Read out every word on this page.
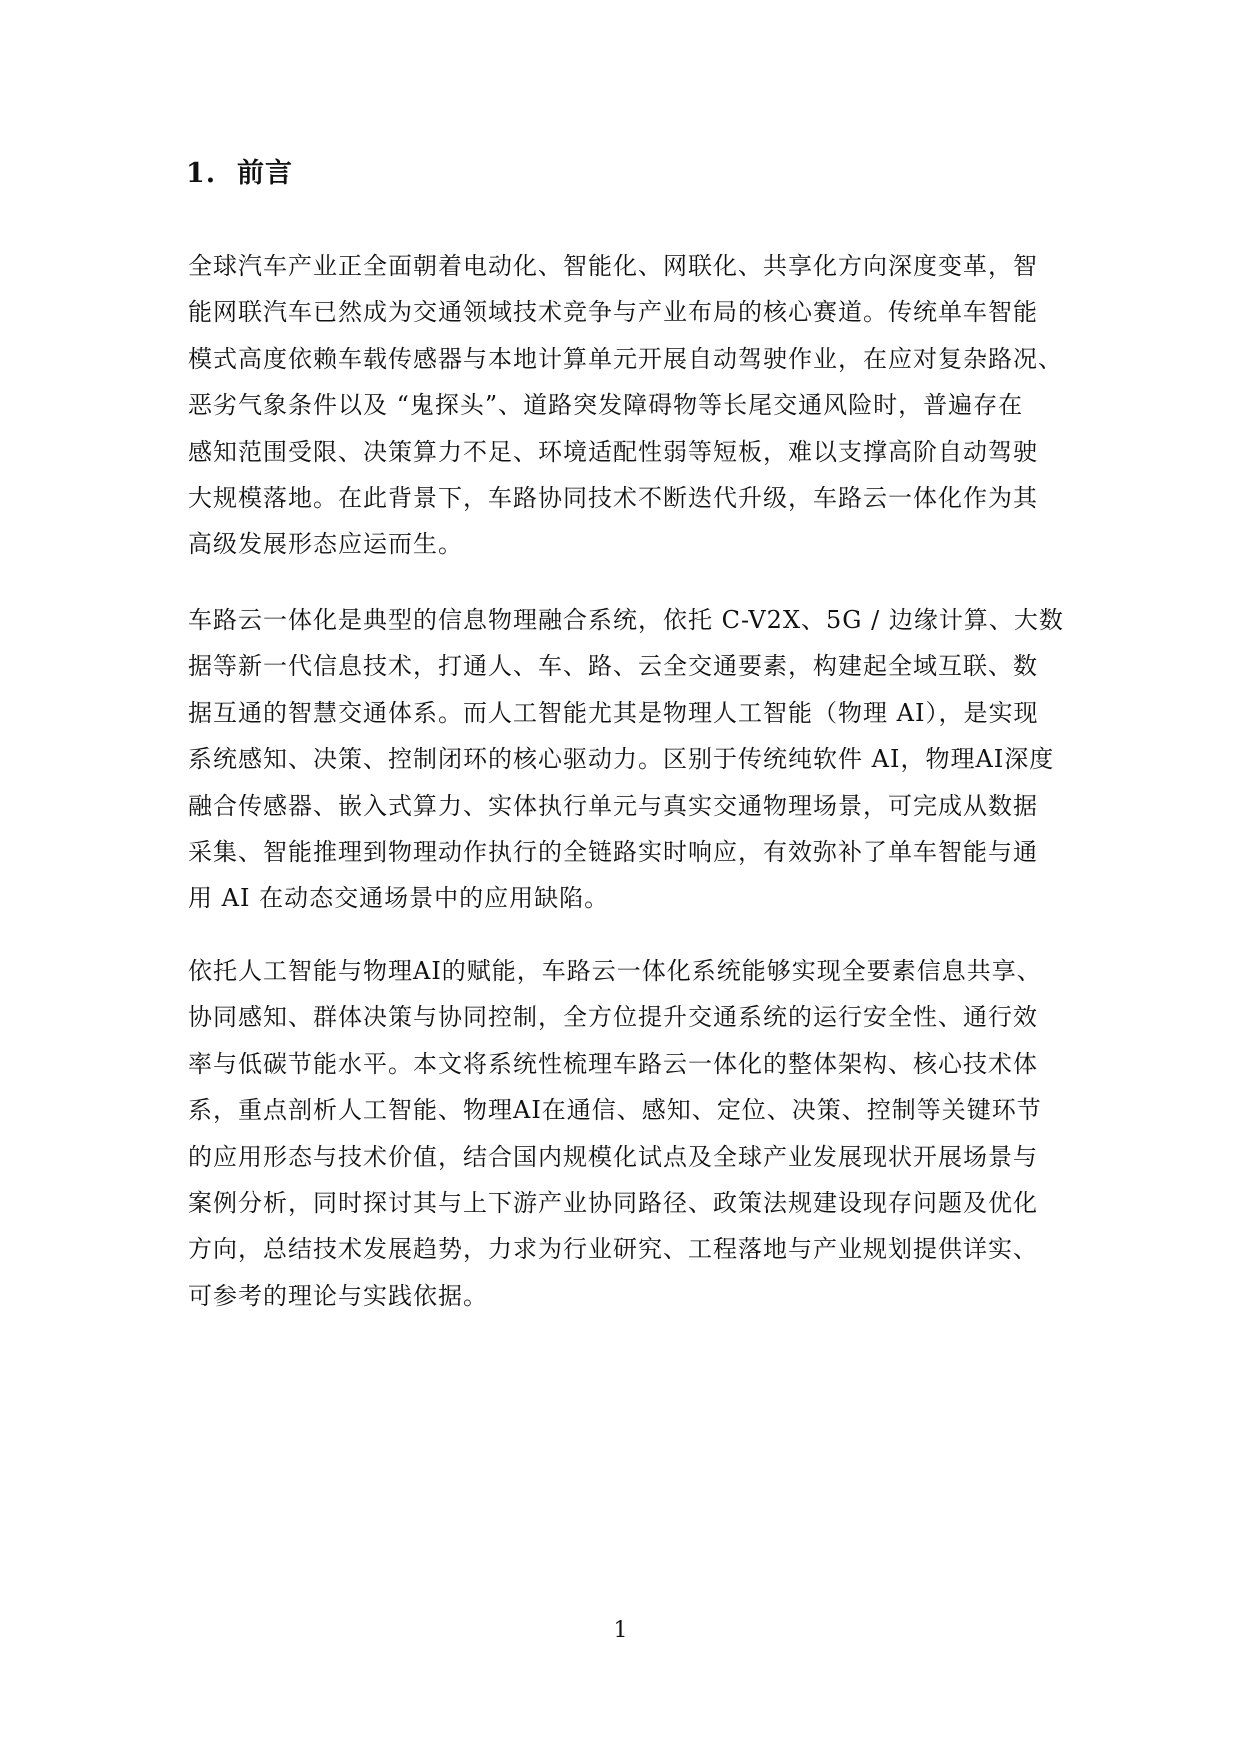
1. 前言

全球汽车产业正全面朝着电动化、智能化、网联化、共享化方向深度变革，智
能网联汽车已然成为交通领域技术竞争与产业布局的核心赛道。传统单车智能
模式高度依赖车载传感器与本地计算单元开展自动驾驶作业，在应对复杂路况、
恶劣气象条件以及 “鬼探头”、道路突发障碍物等长尾交通风险时，普遍存在
感知范围受限、决策算力不足、环境适配性弱等短板，难以支撑高阶自动驾驶
大规模落地。在此背景下，车路协同技术不断迭代升级，车路云一体化作为其
高级发展形态应运而生。

车路云一体化是典型的信息物理融合系统，依托 C-V2X、5G / 边缘计算、大数
据等新一代信息技术，打通人、车、路、云全交通要素，构建起全域互联、数
据互通的智慧交通体系。而人工智能尤其是物理人工智能（物理 AI），是实现
系统感知、决策、控制闭环的核心驱动力。区别于传统纯软件 AI，物理AI深度
融合传感器、嵌入式算力、实体执行单元与真实交通物理场景，可完成从数据
采集、智能推理到物理动作执行的全链路实时响应，有效弥补了单车智能与通
用 AI 在动态交通场景中的应用缺陷。

依托人工智能与物理AI的赋能，车路云一体化系统能够实现全要素信息共享、
协同感知、群体决策与协同控制，全方位提升交通系统的运行安全性、通行效
率与低碳节能水平。本文将系统性梳理车路云一体化的整体架构、核心技术体
系，重点剖析人工智能、物理AI在通信、感知、定位、决策、控制等关键环节
的应用形态与技术价值，结合国内规模化试点及全球产业发展现状开展场景与
案例分析，同时探讨其与上下游产业协同路径、政策法规建设现存问题及优化
方向，总结技术发展趋势，力求为行业研究、工程落地与产业规划提供详实、
可参考的理论与实践依据。

1
